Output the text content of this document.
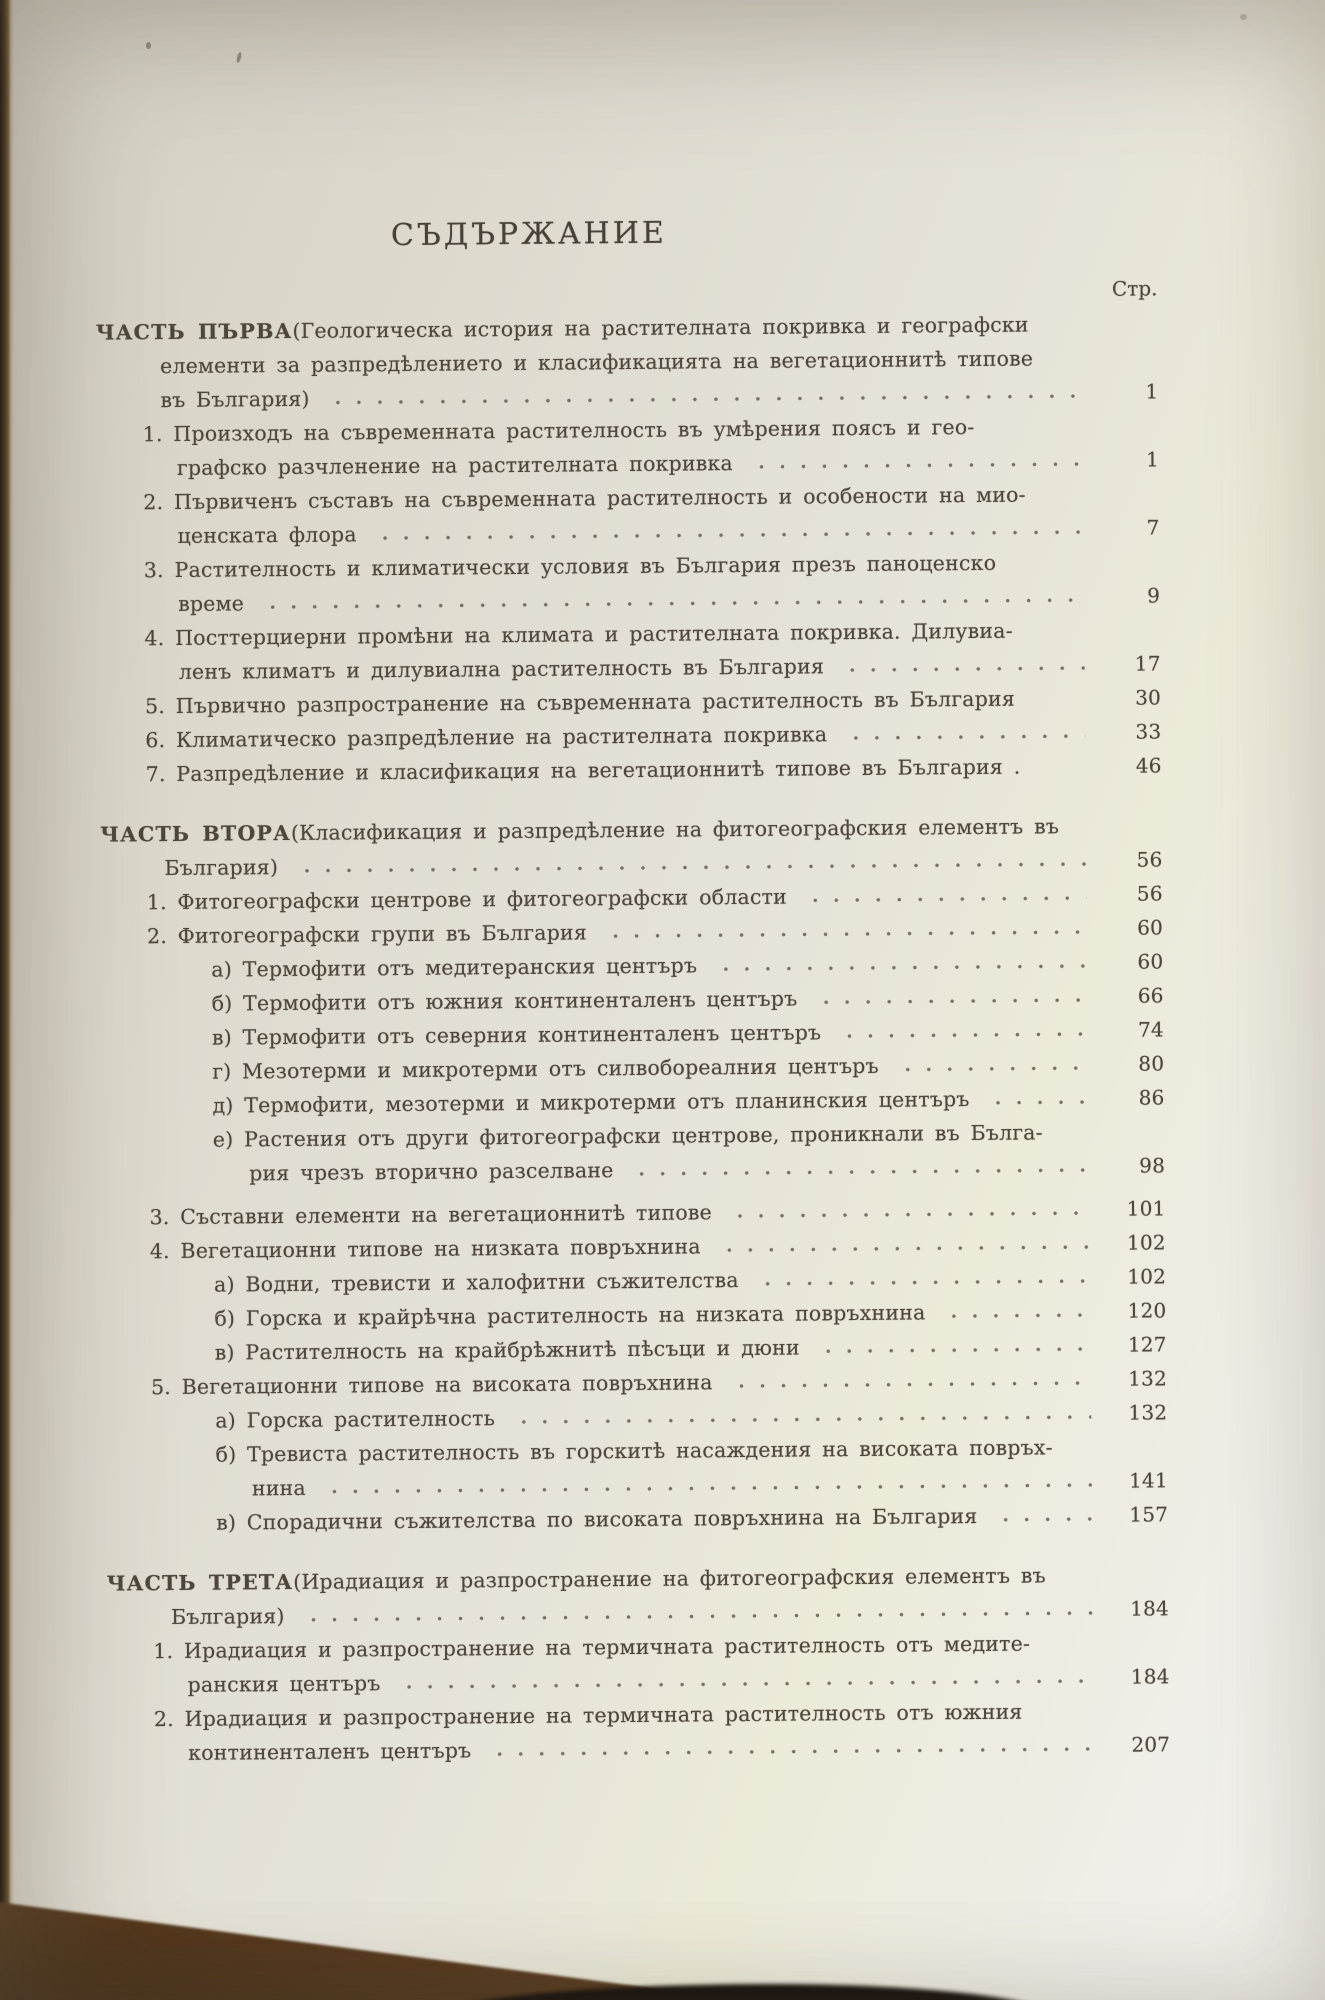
СЪДЪРЖАНИЕ
Стр.
ЧАСТЬ ПЪРВА (Геологическа история на растителната покривка и географски
елементи за разпредѣлението и класификацията на вегетационнитѣ типове
въ България)	1
1. Произходъ на съвременната растителность въ умѣрения поясъ и гео-
графско разчленение на растителната покривка	1
2. Първиченъ съставъ на съвременната растителность и особености на мио-
ценската флора	7
3. Растителность и климатически условия въ България презъ паноценско
време	9
4. Посттерциерни промѣни на климата и растителната покривка. Дилувиа-
ленъ климатъ и дилувиална растителность въ България	17
5. Първично разпространение на съвременната растителность въ България	30
6. Климатическо разпредѣление на растителната покривка	33
7. Разпредѣление и класификация на вегетационнитѣ типове въ България .	46
ЧАСТЬ ВТОРА (Класификация и разпредѣление на фитогеографския елементъ въ
България)	56
1. Фитогеографски центрове и фитогеографски области	56
2. Фитогеографски групи въ България	60
а) Термофити отъ медитеранския центъръ	60
б) Термофити отъ южния континенталенъ центъръ	66
в) Термофити отъ северния континенталенъ центъръ	74
г) Мезотерми и микротерми отъ силвобореалния центъръ	80
д) Термофити, мезотерми и микротерми отъ планинския центъръ	86
е) Растения отъ други фитогеографски центрове, проникнали въ Бълга-
рия чрезъ вторично разселване	98
3. Съставни елементи на вегетационнитѣ типове	101
4. Вегетационни типове на низката повръхнина	102
а) Водни, тревисти и халофитни съжителства	102
б) Горска и крайрѣчна растителность на низката повръхнина	120
в) Растителность на крайбрѣжнитѣ пѣсъци и дюни	127
5. Вегетационни типове на високата повръхнина	132
а) Горска растителность	132
б) Тревиста растителность въ горскитѣ насаждения на високата повръх-
нина	141
в) Спорадични съжителства по високата повръхнина на България	157
ЧАСТЬ ТРЕТА (Ирадиация и разпространение на фитогеографския елементъ въ
България)	184
1. Ирадиация и разпространение на термичната растителность отъ медите-
ранския центъръ	184
2. Ирадиация и разпространение на термичната растителность отъ южния
континенталенъ центъръ	207
